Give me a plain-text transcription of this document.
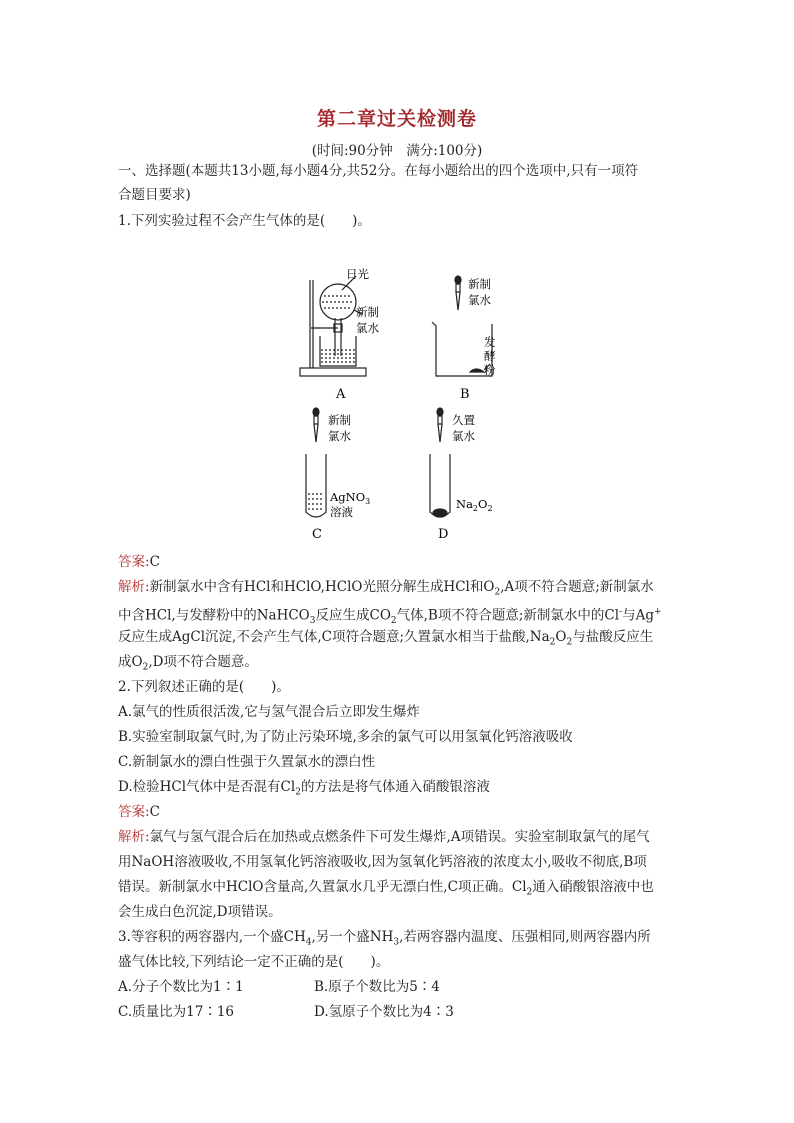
第二章过关检测卷
(时间:90分钟　满分:100分)
一、选择题(本题共13小题,每小题4分,共52分。在每小题给出的四个选项中,只有一项符
合题目要求)
1.下列实验过程不会产生气体的是(　　)。
日光
新制
氯水
A
新制
氯水
发
酵
粉
B
新制
氯水
AgNO$_3$
溶液
C
久置
氯水
$Na_2O_2$
D
答案:C
解析:新制氯水中含有HCl和HClO,HClO光照分解生成HCl和$O_2,A$项不符合题意;新制氯水
中含HCl,与发酵粉中的NaHCO$_3$反应生成$CO_2$气体,B项不符合题意;新制氯水中的Cl-与Ag+
反应生成AgCl沉淀,不会产生气体,C项符合题意;久置氯水相当于盐酸$,Na_2O_2$与盐酸反应生
成$O_2,D$项不符合题意。
2.下列叙述正确的是(　　)。
A.氯气的性质很活泼,它与氢气混合后立即发生爆炸
B.实验室制取氯气时,为了防止污染环境,多余的氯气可以用氢氧化钙溶液吸收
C.新制氯水的漂白性强于久置氯水的漂白性
D.检验HCl气体中是否混有$Cl_2$的方法是将气体通入硝酸银溶液
答案:C
解析:氯气与氢气混合后在加热或点燃条件下可发生爆炸,A项错误。实验室制取氯气的尾气
用NaOH溶液吸收,不用氢氧化钙溶液吸收,因为氢氧化钙溶液的浓度太小,吸收不彻底,B项
错误。新制氯水中HClO含量高,久置氯水几乎无漂白性,C项正确。$Cl_2$通入硝酸银溶液中也
会生成白色沉淀,D项错误。
3.等容积的两容器内,一个盛$CH_4$,另一个盛$NH_3$,若两容器内温度、压强相同,则两容器内所
盛气体比较,下列结论一定不正确的是(　　)。
A.分子个数比为1∶1	B.原子个数比为5∶4
C.质量比为17∶16	D.氢原子个数比为4∶3
